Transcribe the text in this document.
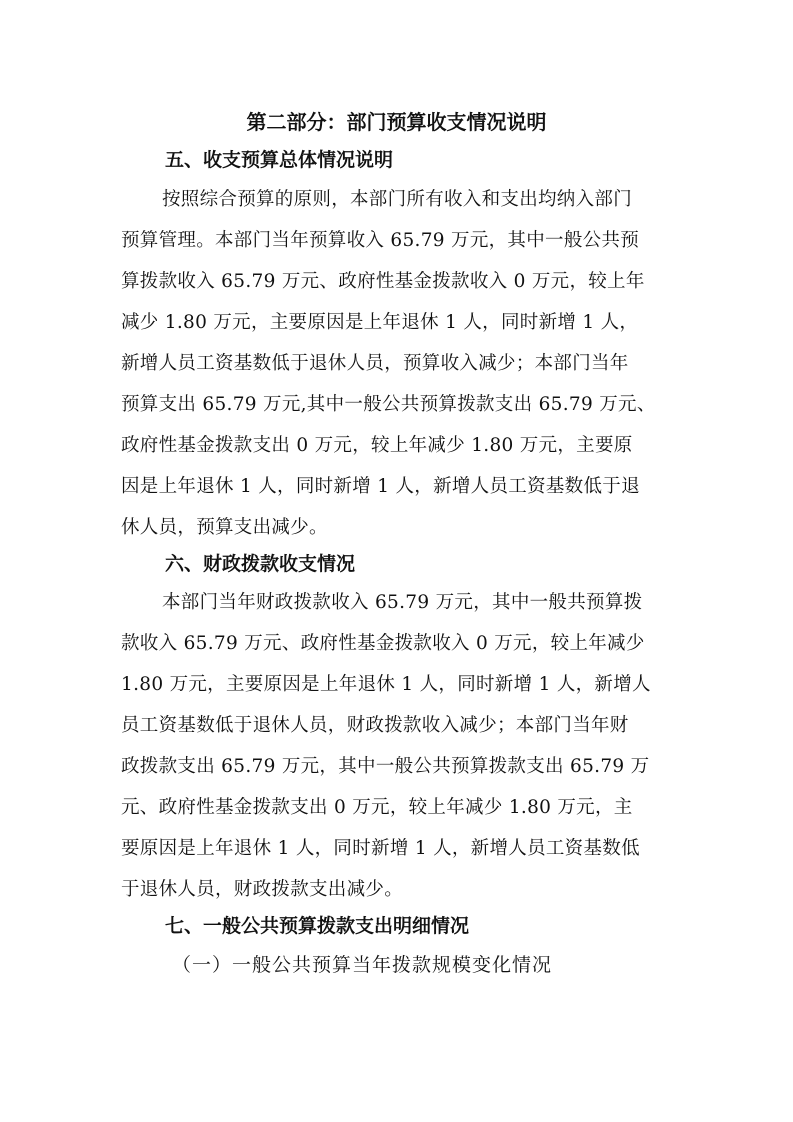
第二部分：部门预算收支情况说明
五、收支预算总体情况说明
按照综合预算的原则，本部门所有收入和支出均纳入部门
预算管理。本部门当年预算收入 65.79 万元，其中一般公共预
算拨款收入 65.79 万元、政府性基金拨款收入 0 万元，较上年
减少 1.80 万元，主要原因是上年退休 1 人，同时新增 1 人，
新增人员工资基数低于退休人员，预算收入减少；本部门当年
预算支出 65.79 万元,其中一般公共预算拨款支出 65.79 万元、
政府性基金拨款支出 0 万元，较上年减少 1.80 万元，主要原
因是上年退休 1 人，同时新增 1 人，新增人员工资基数低于退
休人员，预算支出减少。
六、财政拨款收支情况
本部门当年财政拨款收入 65.79 万元，其中一般共预算拨
款收入 65.79 万元、政府性基金拨款收入 0 万元，较上年减少
1.80 万元，主要原因是上年退休 1 人，同时新增 1 人，新增人
员工资基数低于退休人员，财政拨款收入减少；本部门当年财
政拨款支出 65.79 万元，其中一般公共预算拨款支出 65.79 万
元、政府性基金拨款支出 0 万元，较上年减少 1.80 万元，主
要原因是上年退休 1 人，同时新增 1 人，新增人员工资基数低
于退休人员，财政拨款支出减少。
七、一般公共预算拨款支出明细情况
（一）一般公共预算当年拨款规模变化情况
